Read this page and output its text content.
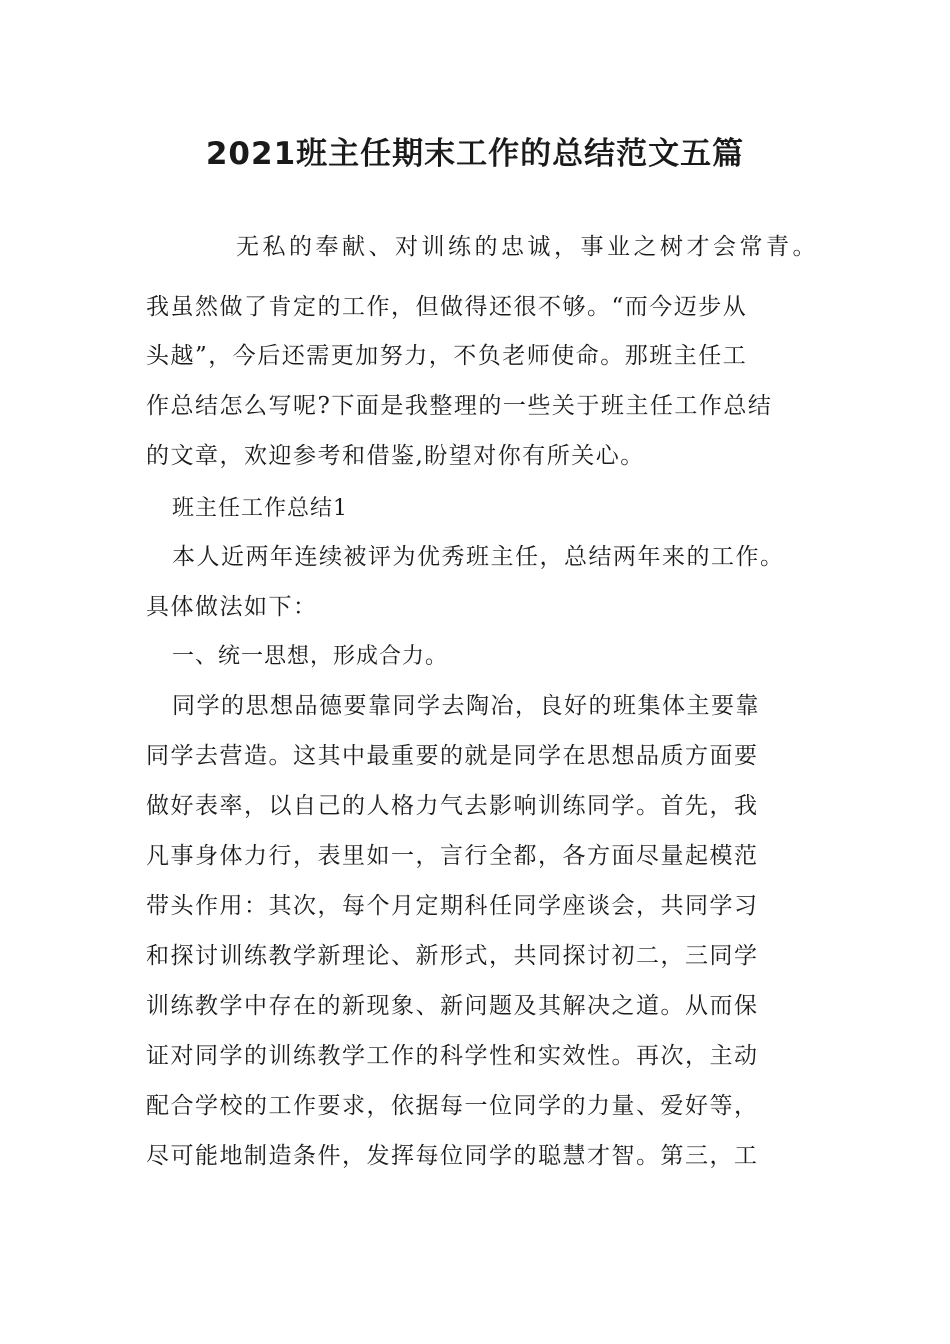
2021班主任期末工作的总结范文五篇
无私的奉献、对训练的忠诚，事业之树才会常青。
我虽然做了肯定的工作，但做得还很不够。“而今迈步从
头越”，今后还需更加努力，不负老师使命。那班主任工
作总结怎么写呢?下面是我整理的一些关于班主任工作总结
的文章，欢迎参考和借鉴,盼望对你有所关心。
班主任工作总结1
本人近两年连续被评为优秀班主任，总结两年来的工作。
具体做法如下：
一、统一思想，形成合力。
同学的思想品德要靠同学去陶冶，良好的班集体主要靠
同学去营造。这其中最重要的就是同学在思想品质方面要
做好表率，以自己的人格力气去影响训练同学。首先，我
凡事身体力行，表里如一，言行全都，各方面尽量起模范
带头作用：其次，每个月定期科任同学座谈会，共同学习
和探讨训练教学新理论、新形式，共同探讨初二，三同学
训练教学中存在的新现象、新问题及其解决之道。从而保
证对同学的训练教学工作的科学性和实效性。再次，主动
配合学校的工作要求，依据每一位同学的力量、爱好等，
尽可能地制造条件，发挥每位同学的聪慧才智。第三，工
